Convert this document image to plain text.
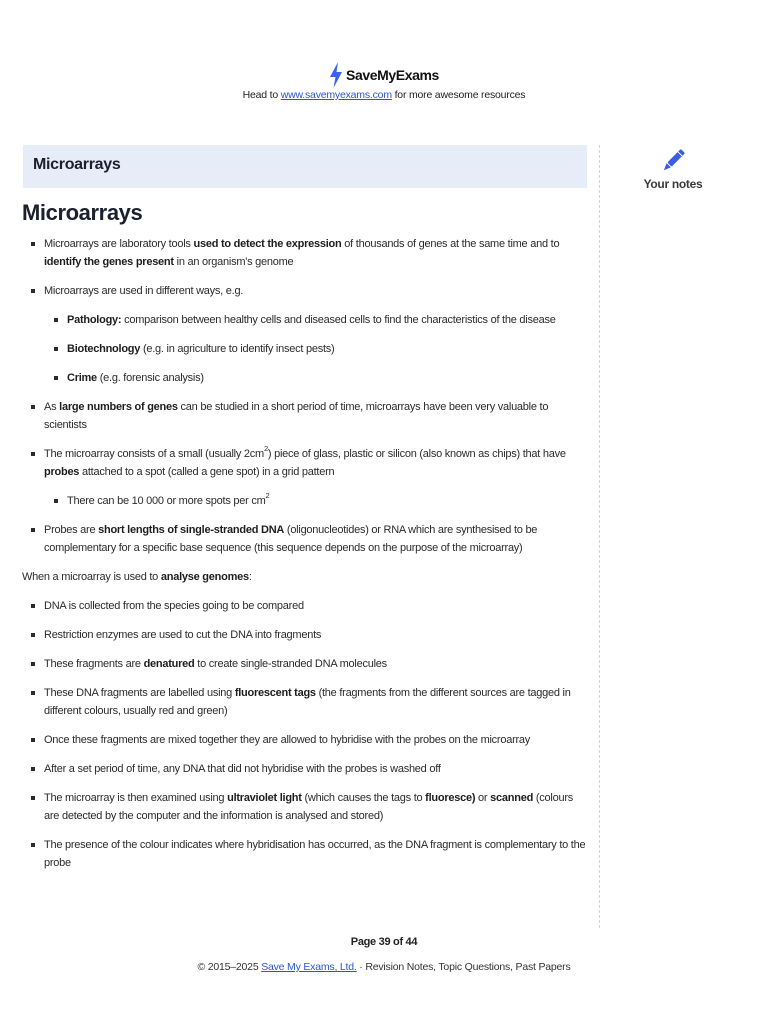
SaveMyExams
Head to www.savemyexams.com for more awesome resources
Microarrays
Your notes
Microarrays
Microarrays are laboratory tools used to detect the expression of thousands of genes at the same time and to identify the genes present in an organism's genome
Microarrays are used in different ways, e.g.
Pathology: comparison between healthy cells and diseased cells to find the characteristics of the disease
Biotechnology (e.g. in agriculture to identify insect pests)
Crime (e.g. forensic analysis)
As large numbers of genes can be studied in a short period of time, microarrays have been very valuable to scientists
The microarray consists of a small (usually $2cm^2$) piece of glass, plastic or silicon (also known as chips) that have probes attached to a spot (called a gene spot) in a grid pattern
There can be 10 000 or more spots per $cm^2$
Probes are short lengths of single-stranded DNA (oligonucleotides) or RNA which are synthesised to be complementary for a specific base sequence (this sequence depends on the purpose of the microarray)

When a microarray is used to analyse genomes:

DNA is collected from the species going to be compared
Restriction enzymes are used to cut the DNA into fragments
These fragments are denatured to create single-stranded DNA molecules
These DNA fragments are labelled using fluorescent tags (the fragments from the different sources are tagged in different colours, usually red and green)
Once these fragments are mixed together they are allowed to hybridise with the probes on the microarray
After a set period of time, any DNA that did not hybridise with the probes is washed off
The microarray is then examined using ultraviolet light (which causes the tags to fluoresce) or scanned (colours are detected by the computer and the information is analysed and stored)
The presence of the colour indicates where hybridisation has occurred, as the DNA fragment is complementary to the probe
Page 39 of 44
© 2015–2025 Save My Exams, Ltd. · Revision Notes, Topic Questions, Past Papers
